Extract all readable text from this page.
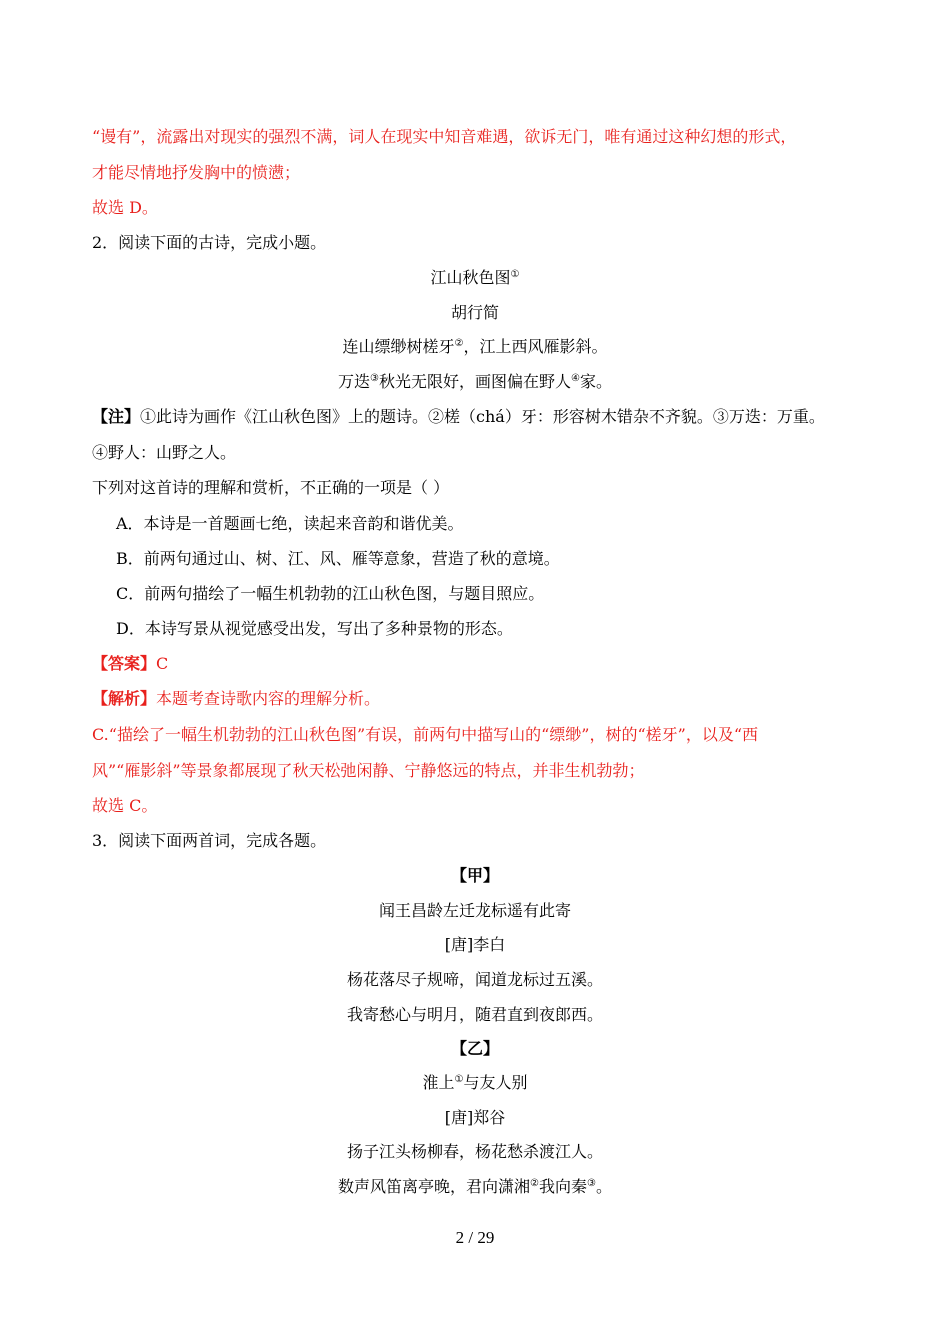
“谩有”，流露出对现实的强烈不满，词人在现实中知音难遇，欲诉无门，唯有通过这种幻想的形式，
才能尽情地抒发胸中的愤懑；
故选 D。
2．阅读下面的古诗，完成小题。
江山秋色图①
胡行简
连山缥缈树槎牙②，江上西风雁影斜。
万迭③秋光无限好，画图偏在野人④家。
【注】①此诗为画作《江山秋色图》上的题诗。②槎（chá）牙：形容树木错杂不齐貌。③万迭：万重。
④野人：山野之人。
下列对这首诗的理解和赏析，不正确的一项是（ ）
A．本诗是一首题画七绝，读起来音韵和谐优美。
B．前两句通过山、树、江、风、雁等意象，营造了秋的意境。
C．前两句描绘了一幅生机勃勃的江山秋色图，与题目照应。
D．本诗写景从视觉感受出发，写出了多种景物的形态。
【答案】C
【解析】本题考查诗歌内容的理解分析。
C.“描绘了一幅生机勃勃的江山秋色图”有误，前两句中描写山的“缥缈”，树的“槎牙”，以及“西
风”“雁影斜”等景象都展现了秋天松弛闲静、宁静悠远的特点，并非生机勃勃；
故选 C。
3．阅读下面两首词，完成各题。
【甲】
闻王昌龄左迁龙标遥有此寄
[唐]李白
杨花落尽子规啼，闻道龙标过五溪。
我寄愁心与明月，随君直到夜郎西。
【乙】
淮上①与友人别
[唐]郑谷
扬子江头杨柳春，杨花愁杀渡江人。
数声风笛离亭晚，君向潇湘②我向秦③。
2 / 29
